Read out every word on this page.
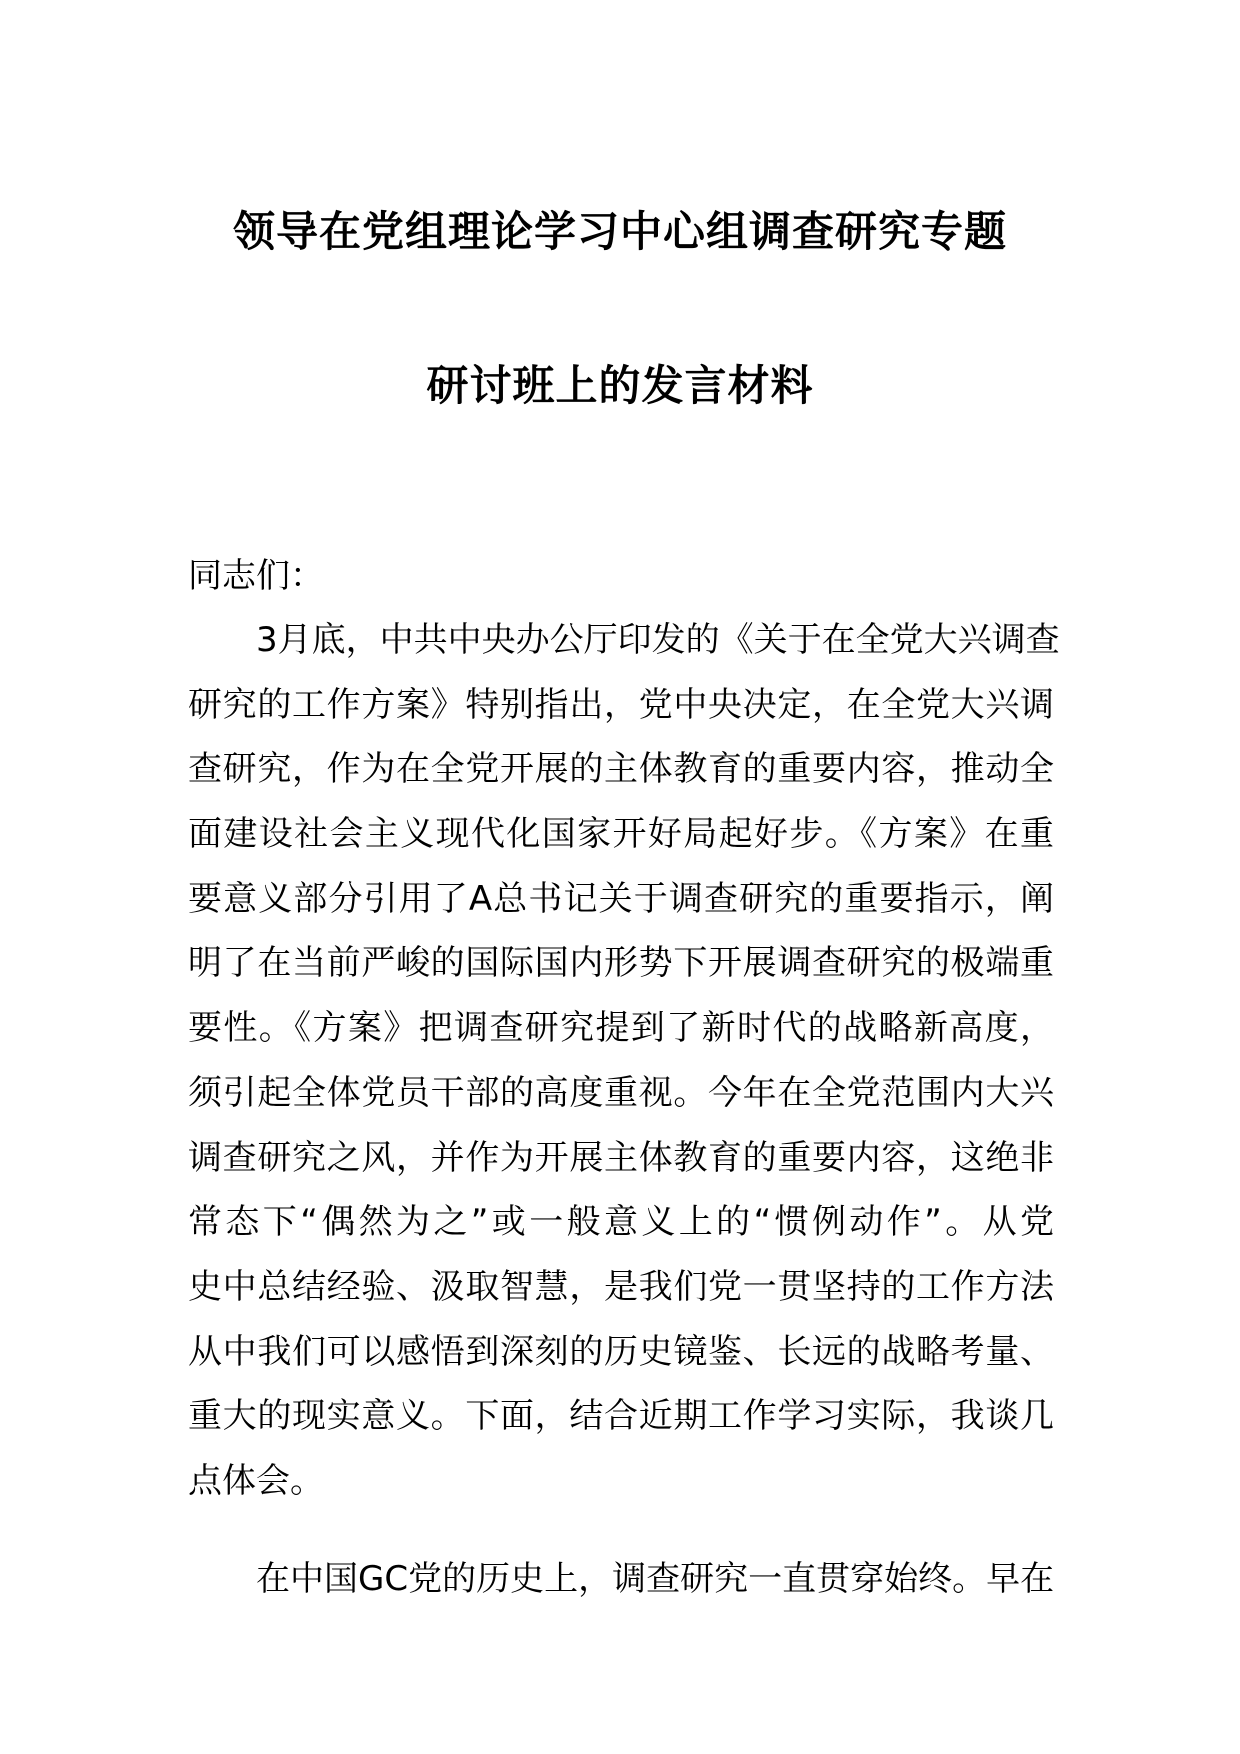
领导在党组理论学习中心组调查研究专题
研讨班上的发言材料
同志们：
3月底，中共中央办公厅印发的《关于在全党大兴调查
研究的工作方案》特别指出，党中央决定，在全党大兴调
查研究，作为在全党开展的主体教育的重要内容，推动全
面建设社会主义现代化国家开好局起好步。《方案》在重
要意义部分引用了A总书记关于调查研究的重要指示，阐
明了在当前严峻的国际国内形势下开展调查研究的极端重
要性。《方案》把调查研究提到了新时代的战略新高度，
须引起全体党员干部的高度重视。今年在全党范围内大兴
调查研究之风，并作为开展主体教育的重要内容，这绝非
常态下“偶然为之”或一般意义上的“惯例动作”。从党
史中总结经验、汲取智慧，是我们党一贯坚持的工作方法
从中我们可以感悟到深刻的历史镜鉴、长远的战略考量、
重大的现实意义。下面，结合近期工作学习实际，我谈几
点体会。
在中国GC党的历史上，调查研究一直贯穿始终。早在
